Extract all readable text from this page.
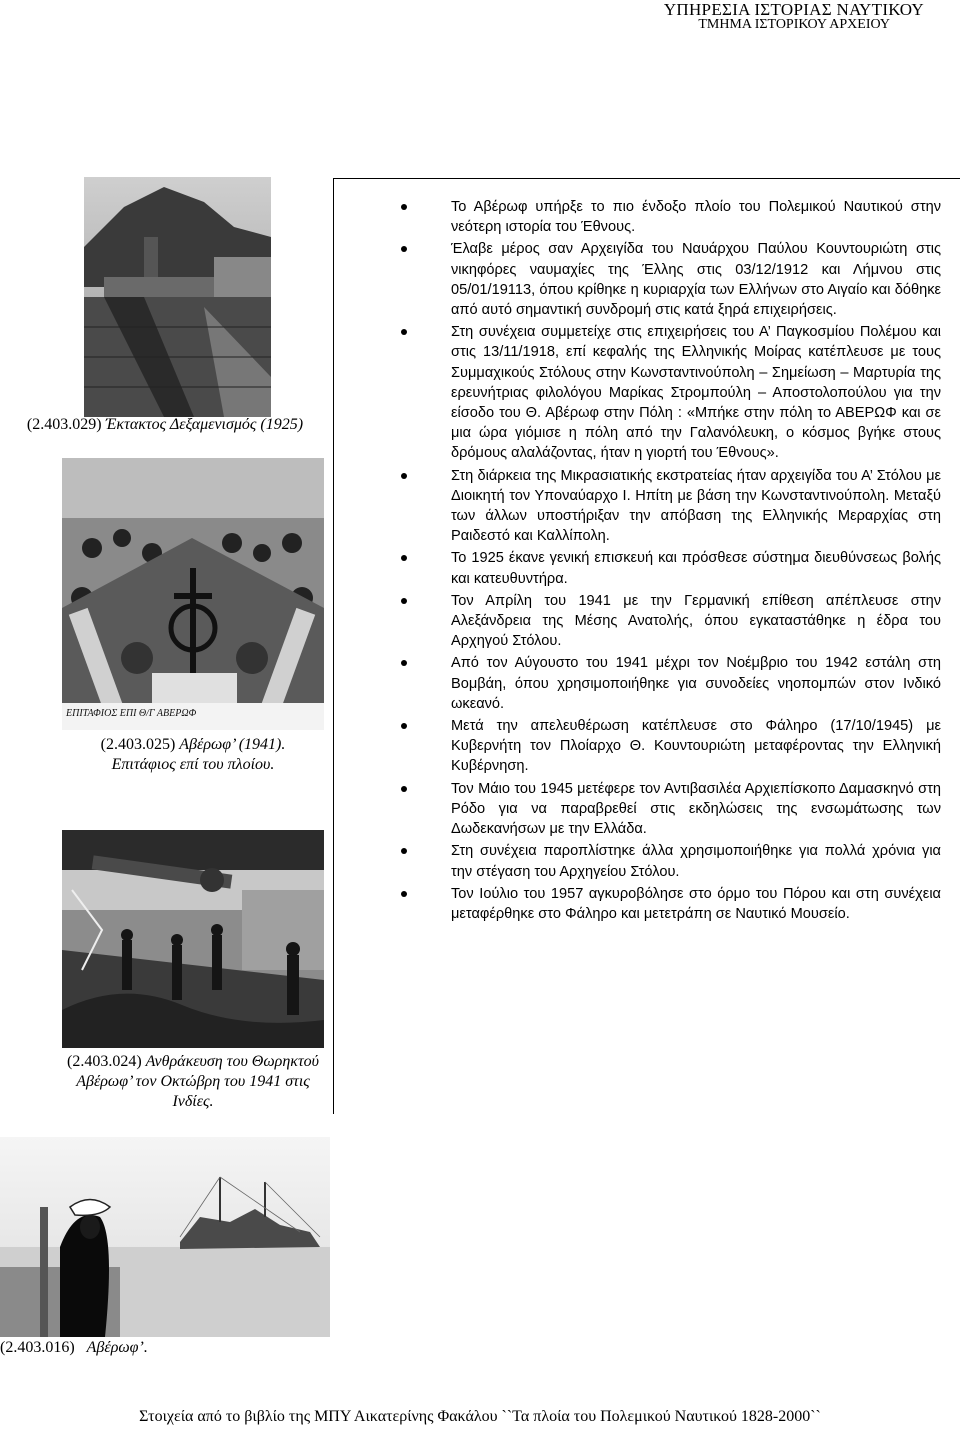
ΥΠΗΡΕΣΙΑ ΙΣΤΟΡΙΑΣ ΝΑΥΤΙΚΟΥ
ΤΜΗΜΑ ΙΣΤΟΡΙΚΟΥ ΑΡΧΕΙΟΥ
(2.403.029) Έκτακτος Δεξαμενισμός (1925)
ΕΠΙΤΑΦΙΟΣ ΕΠΙ Θ/Γ ΑΒΕΡΩΦ
(2.403.025) Αβέρωφ’ (1941).
Επιτάφιος επί του πλοίου.
(2.403.024) Ανθράκευση του Θωρηκτού
Αβέρωφ’ τον Οκτώβρη του 1941 στις Ινδίες.
(2.403.016) Αβέρωφ’.
Το Αβέρωφ υπήρξε το πιο ένδοξο πλοίο του Πολεμικού Ναυτικού στην νεότερη ιστορία του Έθνους.
Έλαβε μέρος σαν Αρχειγίδα του Ναυάρχου Παύλου Κουντουριώτη στις νικηφόρες ναυμαχίες της Έλλης στις 03/12/1912 και Λήμνου στις 05/01/19113, όπου κρίθηκε η κυριαρχία των Ελλήνων στο Αιγαίο και δόθηκε από αυτό σημαντική συνδρομή στις κατά ξηρά επιχειρήσεις.
Στη συνέχεια συμμετείχε στις επιχειρήσεις του Α’ Παγκοσμίου Πολέμου και στις 13/11/1918, επί κεφαλής της Ελληνικής Μοίρας κατέπλευσε με τους Συμμαχικούς Στόλους στην Κωνσταντινούπολη – Σημείωση – Μαρτυρία της ερευνήτριας φιλολόγου Μαρίκας Στρομπούλη – Αποστολοπούλου για την είσοδο του Θ. Αβέρωφ στην Πόλη : «Μπήκε στην πόλη το ΑΒΕΡΩΦ και σε μια ώρα γιόμισε η πόλη από την Γαλανόλευκη, ο κόσμος βγήκε στους δρόμους αλαλάζοντας, ήταν η γιορτή του Έθνους».
Στη διάρκεια της Μικρασιατικής εκστρατείας ήταν αρχειγίδα του Α’ Στόλου με Διοικητή τον Υποναύαρχο Ι. Ηπίτη με βάση την Κωνσταντινούπολη. Μεταξύ των άλλων υποστήριξαν την απόβαση της Ελληνικής Μεραρχίας στη Ραιδεστό και Καλλίπολη.
Το 1925 έκανε γενική επισκευή και πρόσθεσε σύστημα διευθύνσεως βολής και κατευθυντήρα.
Τον Απρίλη του 1941 με την Γερμανική επίθεση απέπλευσε στην Αλεξάνδρεια της Μέσης Ανατολής, όπου εγκαταστάθηκε η έδρα του Αρχηγού Στόλου.
Από τον Αύγουστο του 1941 μέχρι τον Νοέμβριο του 1942 εστάλη στη Βομβάη, όπου χρησιμοποιήθηκε για συνοδείες νηοπομπών στον Ινδικό ωκεανό.
Μετά την απελευθέρωση κατέπλευσε στο Φάληρο (17/10/1945) με Κυβερνήτη τον Πλοίαρχο Θ. Κουντουριώτη μεταφέροντας την Ελληνική Κυβέρνηση.
Τον Μάιο του 1945 μετέφερε τον Αντιβασιλέα Αρχιεπίσκοπο Δαμασκηνό στη Ρόδο για να παραβρεθεί στις εκδηλώσεις της ενσωμάτωσης των Δωδεκανήσων με την Ελλάδα.
Στη συνέχεια παροπλίστηκε άλλα χρησιμοποιήθηκε για πολλά χρόνια για την στέγαση του Αρχηγείου Στόλου.
Τον Ιούλιο του 1957 αγκυροβόλησε στο όρμο του Πόρου και στη συνέχεια μεταφέρθηκε στο Φάληρο και μετετράπη σε Ναυτικό Μουσείο.
Στοιχεία από το βιβλίο της ΜΠΥ Αικατερίνης Φακάλου ``Τα πλοία του Πολεμικού Ναυτικού 1828-2000``
